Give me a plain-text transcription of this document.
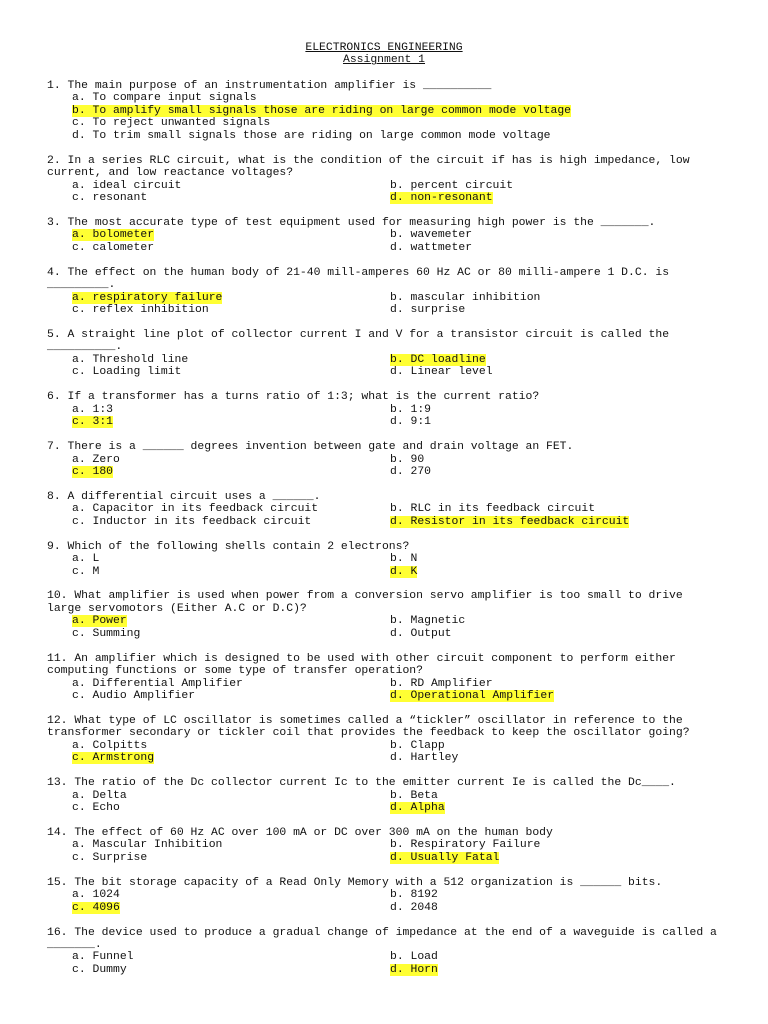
ELECTRONICS ENGINEERING
Assignment 1
1. The main purpose of an instrumentation amplifier is __________
a. To compare input signals
b. To amplify small signals those are riding on large common mode voltage
c. To reject unwanted signals
d. To trim small signals those are riding on large common mode voltage
2. In a series RLC circuit, what is the condition of the circuit if has is high impedance, low current, and low reactance voltages?
a. ideal circuit	b. percent circuit
c. resonant	d. non-resonant
3. The most accurate type of test equipment used for measuring high power is the _______.
a. bolometer	b. wavemeter
c. calometer	d. wattmeter
4. The effect on the human body of 21-40 mill-amperes 60 Hz AC or 80 milli-ampere 1 D.C. is _________.
a. respiratory failure	b. mascular inhibition
c. reflex inhibition	d. surprise
5. A straight line plot of collector current I and V for a transistor circuit is called the __________.
a. Threshold line	b. DC loadline
c. Loading limit	d. Linear level
6. If a transformer has a turns ratio of 1:3; what is the current ratio?
a. 1:3	b. 1:9
c. 3:1	d. 9:1
7. There is a ______ degrees invention between gate and drain voltage an FET.
a. Zero	b. 90
c. 180	d. 270
8. A differential circuit uses a ______.
a. Capacitor in its feedback circuit	b. RLC in its feedback circuit
c. Inductor in its feedback circuit	d. Resistor in its feedback circuit
9. Which of the following shells contain 2 electrons?
a. L	b. N
c. M	d. K
10. What amplifier is used when power from a conversion servo amplifier is too small to drive large servomotors (Either A.C or D.C)?
a. Power	b. Magnetic
c. Summing	d. Output
11. An amplifier which is designed to be used with other circuit component to perform either computing functions or some type of transfer operation?
a. Differential Amplifier	b. RD Amplifier
c. Audio Amplifier	d. Operational Amplifier
12. What type of LC oscillator is sometimes called a “tickler” oscillator in reference to the transformer secondary or tickler coil that provides the feedback to keep the oscillator going?
a. Colpitts	b. Clapp
c. Armstrong	d. Hartley
13. The ratio of the Dc collector current Ic to the emitter current Ie is called the Dc____.
a. Delta	b. Beta
c. Echo	d. Alpha
14. The effect of 60 Hz AC over 100 mA or DC over 300 mA on the human body
a. Mascular Inhibition	b. Respiratory Failure
c. Surprise	d. Usually Fatal
15. The bit storage capacity of a Read Only Memory with a 512 organization is ______ bits.
a. 1024	b. 8192
c. 4096	d. 2048
16. The device used to produce a gradual change of impedance at the end of a waveguide is called a _______.
a. Funnel	b. Load
c. Dummy	d. Horn
